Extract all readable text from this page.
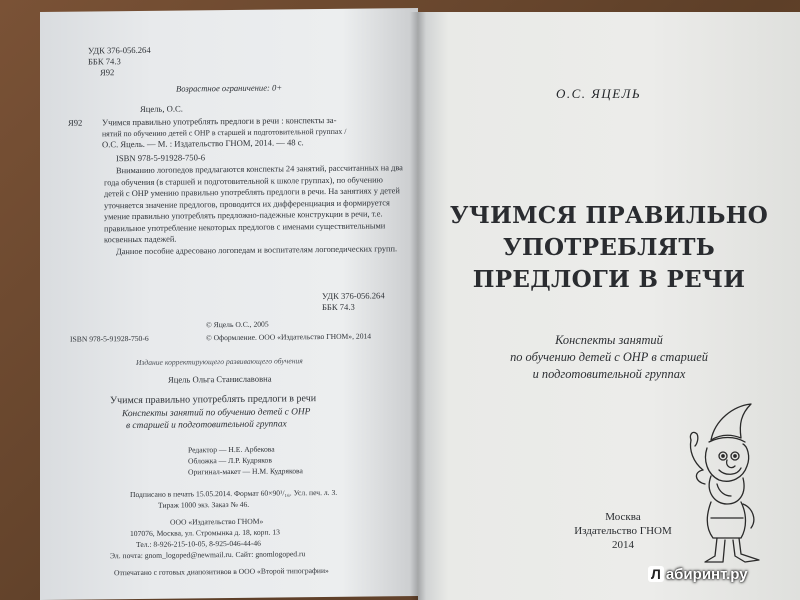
УДК 376-056.264
ББК 74.3
Я92
Возрастное ограничение: 0+
Яцель, О.С.
Я92 Учимся правильно употреблять предлоги в речи : конспекты за-
нятий по обучению детей с ОНР в старшей и подготовительной группах /
О.С. Яцель. — М. : Издательство ГНОМ, 2014. — 48 с.
ISBN 978-5-91928-750-6

Вниманию логопедов предлагаются конспекты 24 занятий, рассчитанных на два года обучения (в старшей и подготовительной к школе группах), по обучению детей с ОНР умению правильно употреблять предлоги в речи. На занятиях у детей уточняется значение предлогов, проводится их дифференциация и формируется умение правильно употреблять предложно-падежные конструкции в речи, т.е. правильное употребление некоторых предлогов с именами существительными косвенных падежей.

Данное пособие адресовано логопедам и воспитателям логопедических групп.

УДК 376-056.264
ББК 74.3
© Яцель О.С., 2005
ISBN 978-5-91928-750-6	© Оформление. ООО «Издательство ГНОМ», 2014
Издание корректирующего развивающего обучения
Яцель Ольга Станиславовна
Учимся правильно употреблять предлоги в речи
Конспекты занятий по обучению детей с ОНР
в старшей и подготовительной группах
Редактор — Н.Е. Арбекова
Обложка — Л.Р. Кудряков
Оригинал-макет — Н.М. Кудрякова
Подписано в печать 15.05.2014. Формат 60×90¹/₁₆. Усл. печ. л. 3.
Тираж 1000 экз. Заказ № 46.
ООО «Издательство ГНОМ»
107076, Москва, ул. Стромынка д. 18, корп. 13
Тел.: 8-926-215-10-05, 8-925-046-44-46
Эл. почта: gnom_logoped@newmail.ru. Сайт: gnomlogoped.ru
Отпечатано с готовых диапозитивов в ООО «Второй типографии»
О.С. ЯЦЕЛЬ
УЧИМСЯ ПРАВИЛЬНО
УПОТРЕБЛЯТЬ
ПРЕДЛОГИ В РЕЧИ
Конспекты занятий
по обучению детей с ОНР в старшей
и подготовительной группах
Москва
Издательство ГНОМ
2014
Л абиринт.ру
